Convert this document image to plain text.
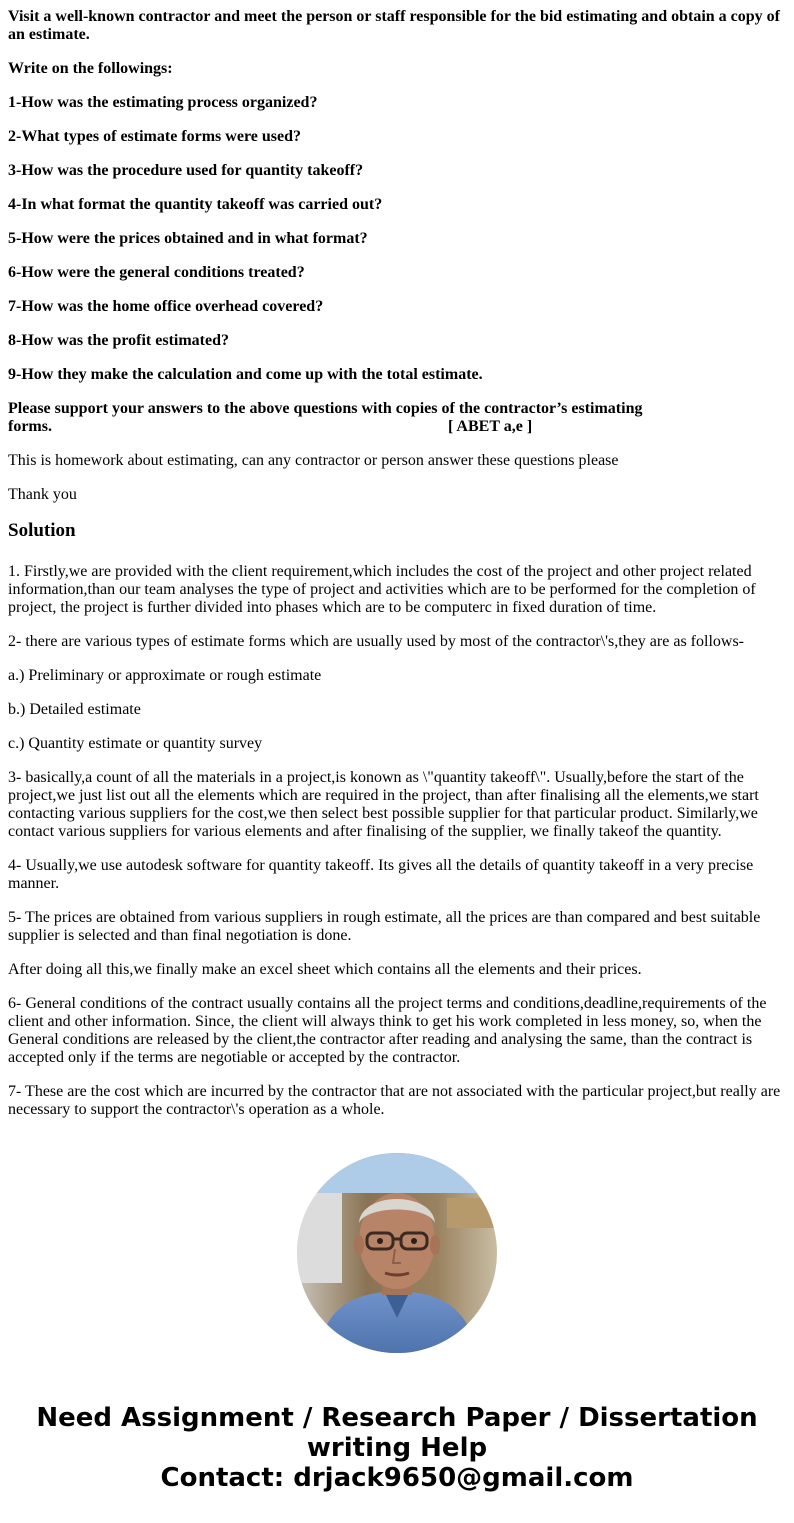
Visit a well-known contractor and meet the person or staff responsible for the bid estimating and obtain a copy of an estimate.

Write on the followings:

1-How was the estimating process organized?

2-What types of estimate forms were used?

3-How was the procedure used for quantity takeoff?

4-In what format the quantity takeoff was carried out?

5-How were the prices obtained and in what format?

6-How were the general conditions treated?

7-How was the home office overhead covered?

8-How was the profit estimated?

9-How they make the calculation and come up with the total estimate.

Please support your answers to the above questions with copies of the contractor’s estimating

forms.	[ ABET a,e ]

This is homework about estimating, can any contractor or person answer these questions please

Thank you

Solution

1. Firstly,we are provided with the client requirement,which includes the cost of the project and other project related information,than our team analyses the type of project and activities which are to be performed for the completion of project, the project is further divided into phases which are to be computerc in fixed duration of time.

2- there are various types of estimate forms which are usually used by most of the contractor\'s,they are as follows-

a.) Preliminary or approximate or rough estimate

b.) Detailed estimate

c.) Quantity estimate or quantity survey

3- basically,a count of all the materials in a project,is konown as \"quantity takeoff\". Usually,before the start of the project,we just list out all the elements which are required in the project, than after finalising all the elements,we start contacting various suppliers for the cost,we then select best possible supplier for that particular product. Similarly,we contact various suppliers for various elements and after finalising of the supplier, we finally takeof the quantity.

4- Usually,we use autodesk software for quantity takeoff. Its gives all the details of quantity takeoff in a very precise manner.

5- The prices are obtained from various suppliers in rough estimate, all the prices are than compared and best suitable supplier is selected and than final negotiation is done.

After doing all this,we finally make an excel sheet which contains all the elements and their prices.

6- General conditions of the contract usually contains all the project terms and conditions,deadline,requirements of the client and other information. Since, the client will always think to get his work completed in less money, so, when the General conditions are released by the client,the contractor after reading and analysing the same, than the contract is accepted only if the terms are negotiable or accepted by the contractor.

7- These are the cost which are incurred by the contractor that are not associated with the particular project,but really are necessary to support the contractor\'s operation as a whole.

Need Assignment / Research Paper / Dissertation
writing Help
Contact: drjack9650@gmail.com
